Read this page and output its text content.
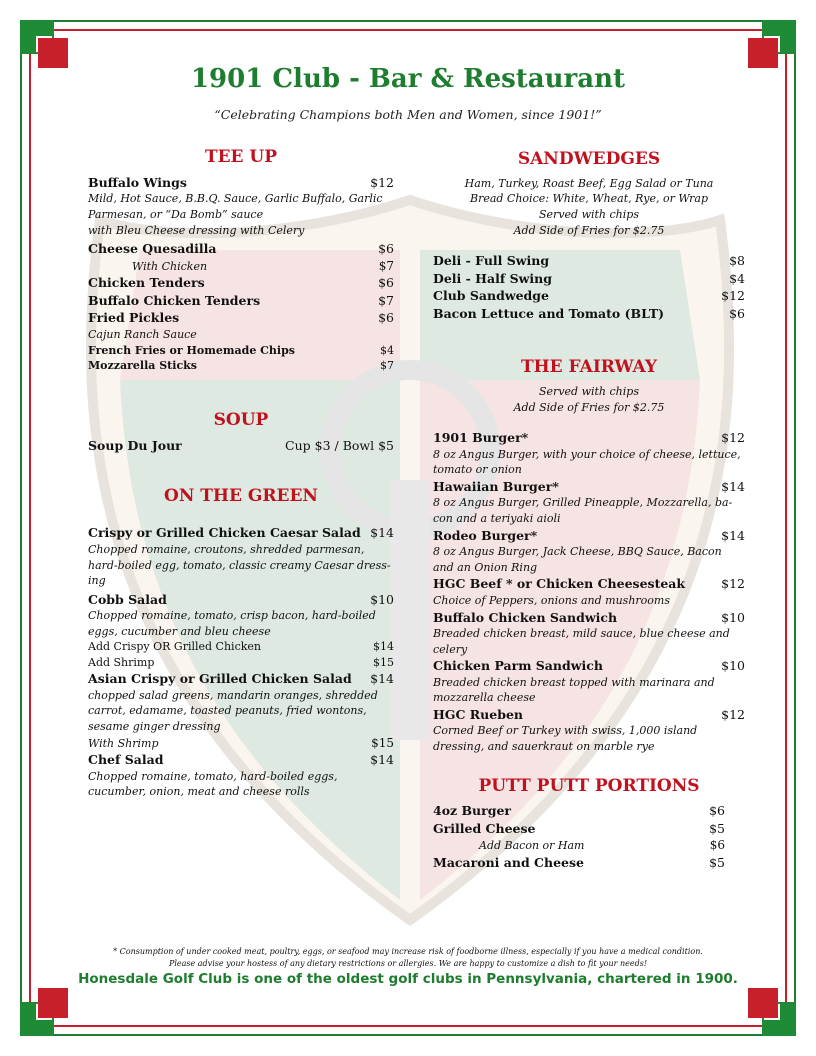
1901 Club - Bar & Restaurant
“Celebrating Champions both Men and Women, since 1901!”
TEE UP
Buffalo Wings	$12
Mild, Hot Sauce, B.B.Q. Sauce, Garlic Buffalo, Garlic Parmesan, or “Da Bomb” sauce
with Bleu Cheese dressing with Celery
Cheese Quesadilla	$6
With Chicken	$7
Chicken Tenders	$6
Buffalo Chicken Tenders	$7
Fried Pickles	$6
Cajun Ranch Sauce
French Fries or Homemade Chips	$4
Mozzarella Sticks	$7
SOUP
Soup Du Jour	Cup $3 / Bowl $5
ON THE GREEN
Crispy or Grilled Chicken Caesar Salad $14
Chopped romaine, croutons, shredded parmesan, hard-boiled egg, tomato, classic creamy Caesar dress-ing
Cobb Salad	$10
Chopped romaine, tomato, crisp bacon, hard-boiled eggs, cucumber and bleu cheese
Add Crispy OR Grilled Chicken	$14
Add Shrimp	$15
Asian Crispy or Grilled Chicken Salad $14
chopped salad greens, mandarin oranges, shredded carrot, edamame, toasted peanuts, fried wontons, sesame ginger dressing
With Shrimp	$15
Chef Salad	$14
Chopped romaine, tomato, hard-boiled eggs, cucumber, onion, meat and cheese rolls
SANDWEDGES
Ham, Turkey, Roast Beef, Egg Salad or Tuna
Bread Choice: White, Wheat, Rye, or Wrap
Served with chips
Add Side of Fries for $2.75
Deli - Full Swing	$8
Deli - Half Swing	$4
Club Sandwedge	$12
Bacon Lettuce and Tomato (BLT)	$6
THE FAIRWAY
Served with chips
Add Side of Fries for $2.75
1901 Burger*	$12
8 oz Angus Burger, with your choice of cheese, lettuce, tomato or onion
Hawaiian Burger*	$14
8 oz Angus Burger, Grilled Pineapple, Mozzarella, ba-con and a teriyaki aioli
Rodeo Burger*	$14
8 oz Angus Burger, Jack Cheese, BBQ Sauce, Bacon and an Onion Ring
HGC Beef * or Chicken Cheesesteak	$12
Choice of Peppers, onions and mushrooms
Buffalo Chicken Sandwich	$10
Breaded chicken breast, mild sauce, blue cheese and celery
Chicken Parm Sandwich	$10
Breaded chicken breast topped with marinara and mozzarella cheese
HGC Rueben	$12
Corned Beef or Turkey with swiss, 1,000 island dressing, and sauerkraut on marble rye
PUTT PUTT PORTIONS
4oz Burger	$6
Grilled Cheese	$5
Add Bacon or Ham	$6
Macaroni and Cheese	$5
* Consumption of under cooked meat, poultry, eggs, or seafood may increase risk of foodborne illness, especially if you have a medical condition.
Please advise your hostess of any dietary restrictions or allergies. We are happy to customize a dish to fit your needs!
Honesdale Golf Club is one of the oldest golf clubs in Pennsylvania, chartered in 1900.
